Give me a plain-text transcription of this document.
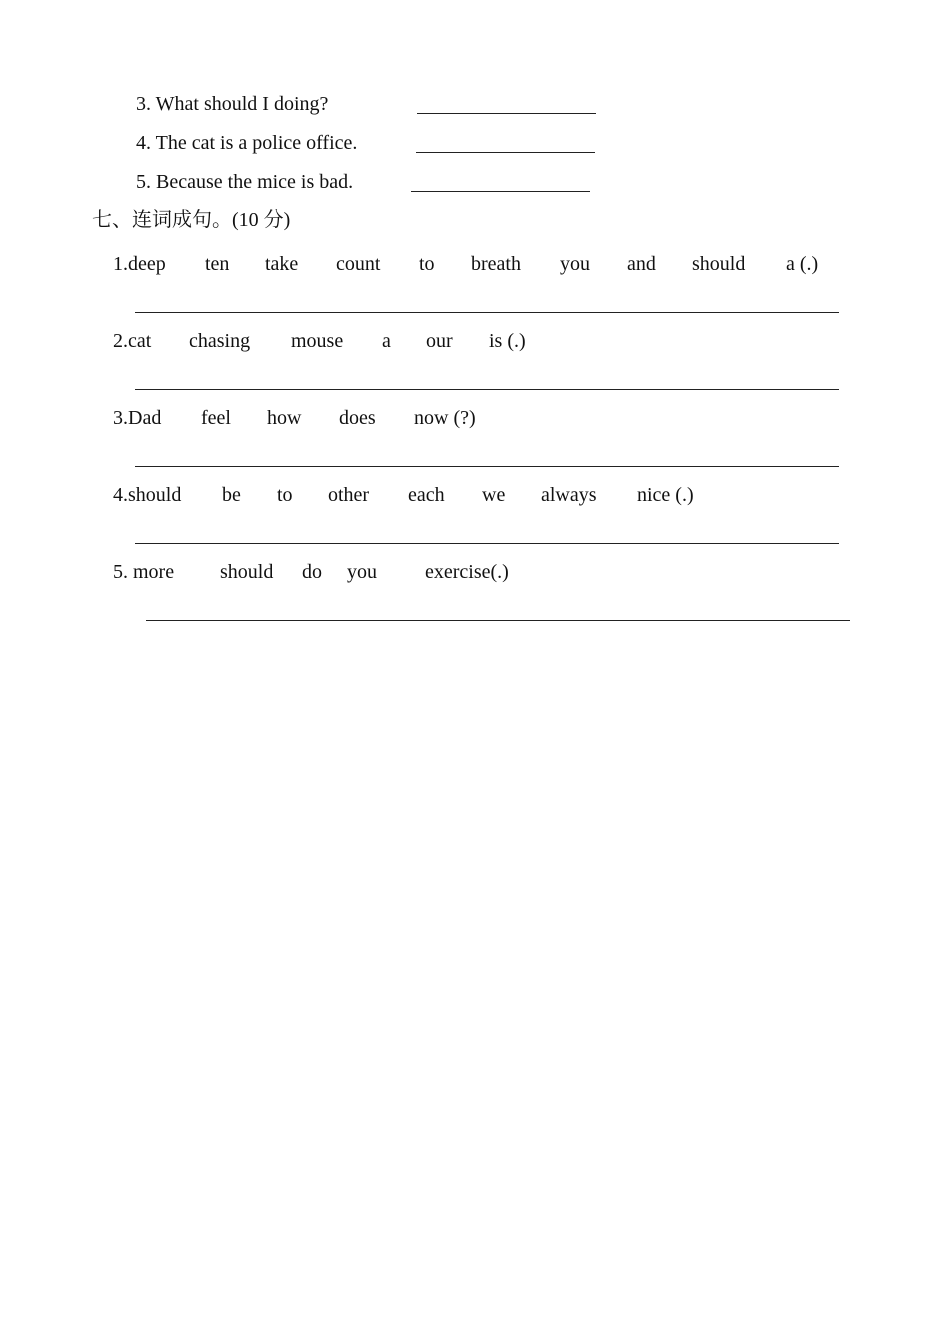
3. What should I doing?
4. The cat is a police office.
5. Because the mice is bad.
七、连词成句。(10 分)
1.deep ten take count to breath you and should a (.)
2.cat chasing mouse a our is (.)
3.Dad feel how does now (?)
4.should be to other each we always nice (.)
5. more should do you exercise(.)
